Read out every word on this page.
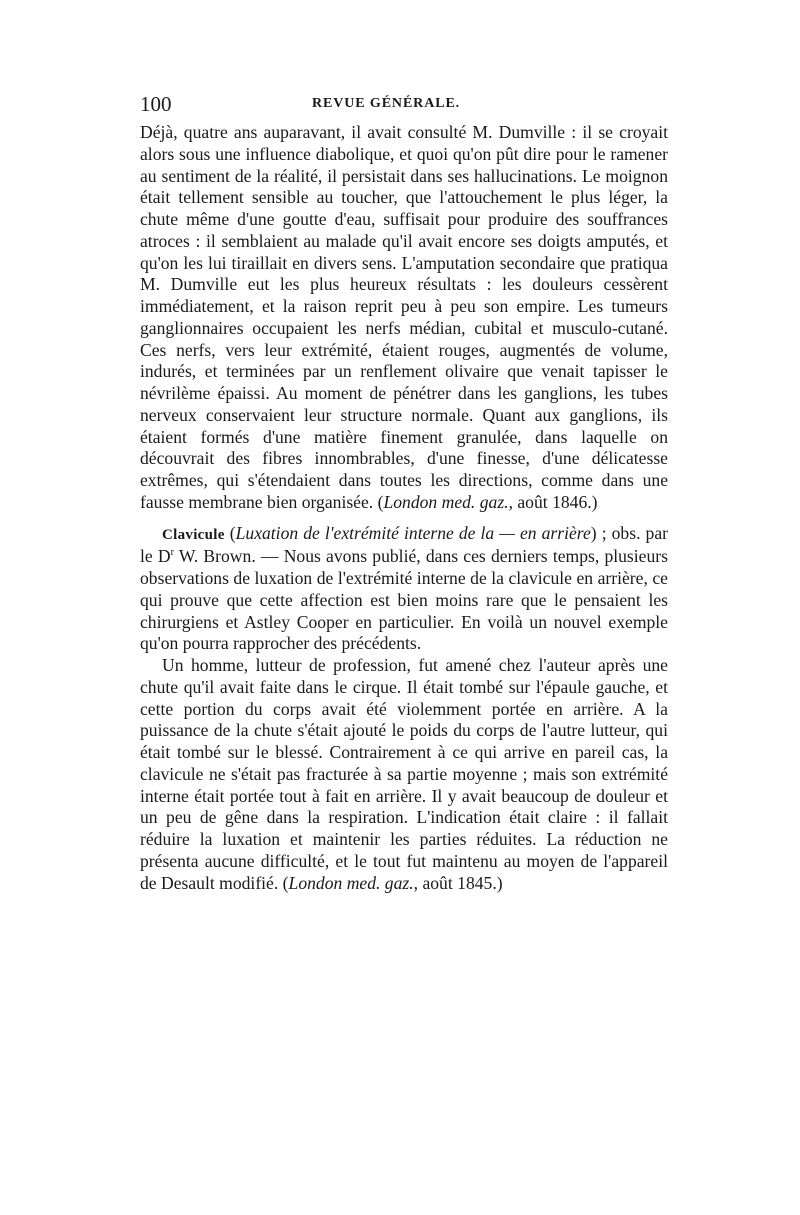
100	REVUE GÉNÉRALE.

Déjà, quatre ans auparavant, il avait consulté M. Dumville : il se croyait alors sous une influence diabolique, et quoi qu'on pût dire pour le ramener au sentiment de la réalité, il persistait dans ses hallucinations. Le moignon était tellement sensible au toucher, que l'attouchement le plus léger, la chute même d'une goutte d'eau, suffisait pour produire des souffrances atroces : il semblaient au malade qu'il avait encore ses doigts amputés, et qu'on les lui tiraillait en divers sens. L'amputation secondaire que pratiqua M. Dumville eut les plus heureux résultats : les douleurs cessèrent immédiatement, et la raison reprit peu à peu son empire. Les tumeurs ganglionnaires occupaient les nerfs médian, cubital et musculo-cutané. Ces nerfs, vers leur extrémité, étaient rouges, augmentés de volume, indurés, et terminées par un renflement olivaire que venait tapisser le névrilème épaissi. Au moment de pénétrer dans les ganglions, les tubes nerveux conservaient leur structure normale. Quant aux ganglions, ils étaient formés d'une matière finement granulée, dans laquelle on découvrait des fibres innombrables, d'une finesse, d'une délicatesse extrêmes, qui s'étendaient dans toutes les directions, comme dans une fausse membrane bien organisée. (London med. gaz., août 1846.)

Clavicule (Luxation de l'extrémité interne de la — en arrière) ; obs. par le $D^r$ W. Brown. — Nous avons publié, dans ces derniers temps, plusieurs observations de luxation de l'extrémité interne de la clavicule en arrière, ce qui prouve que cette affection est bien moins rare que le pensaient les chirurgiens et Astley Cooper en particulier. En voilà un nouvel exemple qu'on pourra rapprocher des précédents.

Un homme, lutteur de profession, fut amené chez l'auteur après une chute qu'il avait faite dans le cirque. Il était tombé sur l'épaule gauche, et cette portion du corps avait été violemment portée en arrière. A la puissance de la chute s'était ajouté le poids du corps de l'autre lutteur, qui était tombé sur le blessé. Contrairement à ce qui arrive en pareil cas, la clavicule ne s'était pas fracturée à sa partie moyenne ; mais son extrémité interne était portée tout à fait en arrière. Il y avait beaucoup de douleur et un peu de gêne dans la respiration. L'indication était claire : il fallait réduire la luxation et maintenir les parties réduites. La réduction ne présenta aucune difficulté, et le tout fut maintenu au moyen de l'appareil de Desault modifié. (London med. gaz., août 1845.)
